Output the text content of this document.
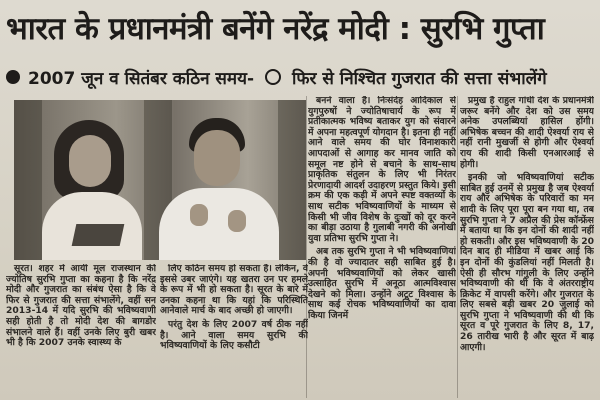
भारत के प्रधानमंत्री बनेंगे नरेंद्र मोदी : सुरभि गुप्ता
2007 जून व सितंबर कठिन समय- फिर से निश्चित गुजरात की सत्ता संभालेंगे

सूरत। शहर में आयी मूल राजस्थान की ज्योतिष सुरभि गुप्ता का कहना है कि नरेंद्र मोदी और गुजरात का संबंध ऐसा है कि वे फिर से गुजरात की सत्ता संभालेंगे, वहीं सन 2013-14 में यदि सुरभि की भविष्यवाणी सही होती है तो मोदी देश की बागडोर संभालने वाले हैं। वहीं उनके लिए बुरी खबर भी है कि 2007 उनके स्वास्थ्य के

लिए कठिन समय हो सकता है। लेकिन, वे इससे उबर जाएंगे। यह खतरा उन पर हमले के रूप में भी हो सकता है। सूरत के बारे में उनका कहना था कि यहां कि परिस्थिति आनेवाले मार्च के बाद अच्छी हो जाएगी।

परंतु देश के लिए 2007 वर्ष ठीक नहीं है। आने वाला समय सुरभि की भविष्यवाणियों के लिए कसौटी

बनने वाला है। निःसंदेह आदिकाल से युगपुरुषों ने ज्योतिषाचार्य के रूप में प्रतीकात्मक भविष्य बताकर युग को संवारने में अपना महत्वपूर्ण योगदान है। इतना ही नहीं आने वाले समय की घोर विनाशकारी आपदाओं से आगाह कर मानव जाति को समूल नष्ट होने से बचाने के साथ-साथ प्राकृतिक संतुलन के लिए भी निरंतर प्रेरणादायी आदर्श उदाहरण प्रस्तुत किये। इसी क्रम की एक कड़ी में अपने स्पष्ट वक्तव्यों के साथ सटीक भविष्यवाणियों के माध्यम से किसी भी जीव विशेष के दुःखों को दूर करने का बीड़ा उठाया है गुलाबी नगरी की अनोखी युवा प्रतिभा सुरभि गुप्ता ने।

अब तक सुरभि गुप्ता ने भी भविष्यवाणियां की है वो ज्यादातर सही साबित हुई है। अपनी भविष्यवाणियों को लेकर खासी उत्साहित सुरभि में अनूठा आत्मविश्वास देखने को मिला। उन्होंने अटूट विश्वास के साथ कई रोचक भविष्यवाणियों का दावा किया जिनमें

प्रमुख है राहुल गांधी देश के प्रधानमंत्री जरूर बनेंगे और देश को उस समय अनेक उपलब्धियां हासिल होंगी। अभिषेक बच्चन की शादी ऐश्वर्या राय से नहीं रानी मुखर्जी से होगी और ऐश्वर्या राय की शादी किसी एनआरआई से होगी।

इनकी जो भविष्यवाणियां सटीक साबित हुई उनमें से प्रमुख है जब ऐश्वर्या राय और अभिषेक के परिवारों का मन शादी के लिए पूरा पूरा बन गया था, तब सुरभि गुप्ता ने 7 अप्रैल की प्रेस कॉन्फ्रेंस में बताया था कि इन दोनों की शादी नहीं हो सकती। और इस भविष्यवाणी के 20 दिन बाद ही मीडिया में खबर आई कि इन दोनों की कुंडलियां नहीं मिलती है। ऐसी ही सौरभ गांगुली के लिए उन्होंने भविष्यवाणी की थी कि वे अंतरराष्ट्रीय क्रिकेट में वापसी करेंगे। और गुजरात के लिए सबसे बड़ी खबर 20 जुलाई को सुरभि गुप्ता ने भविष्यवाणी की थी कि सूरत व पूरे गुजरात के लिए 8, 17, 26 तारीख भारी है और सूरत में बाढ़ आएगी।
